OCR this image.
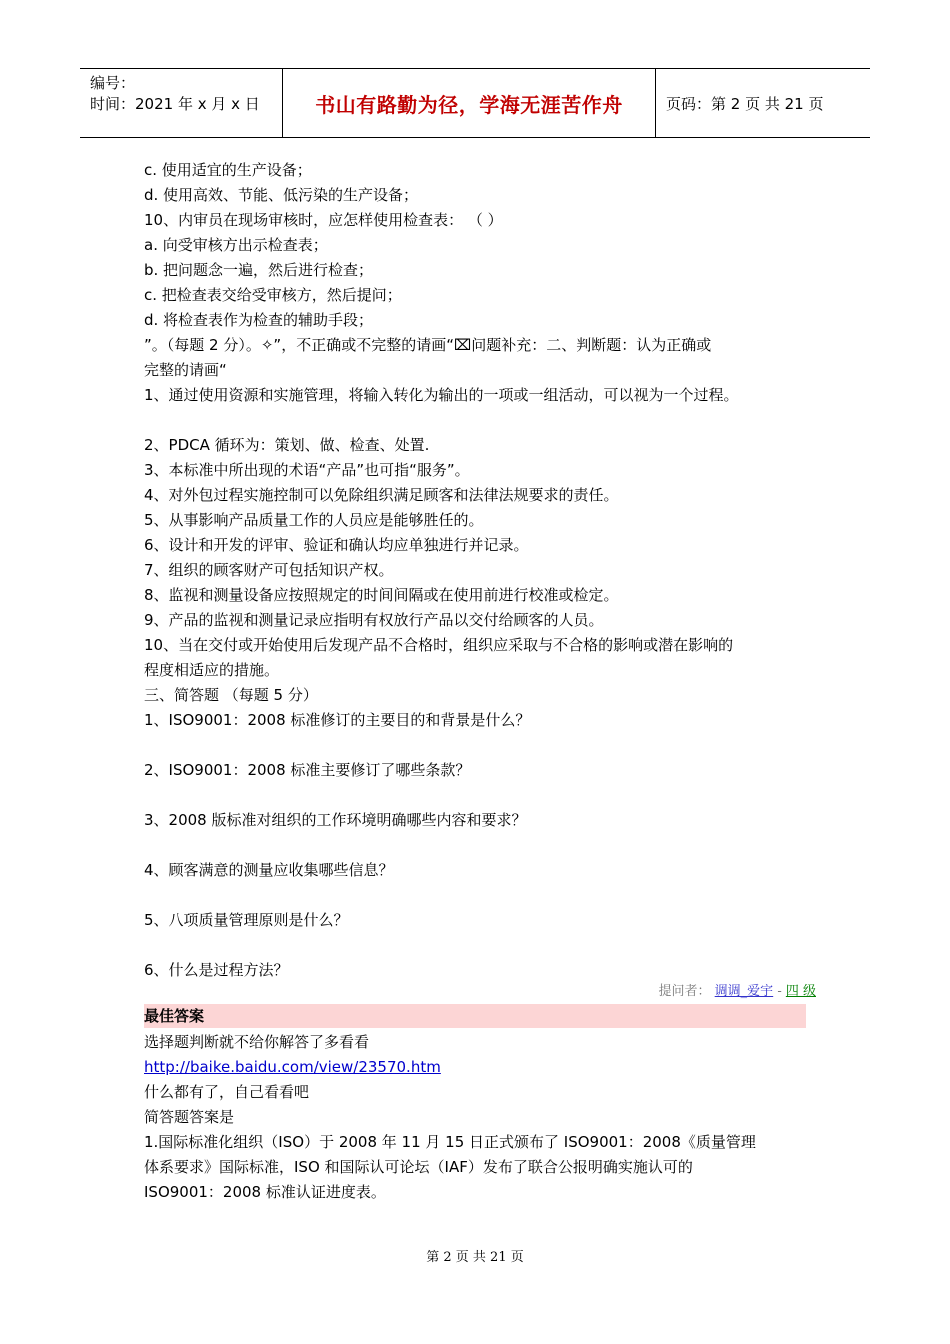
编号：
时间：2021 年 x 月 x 日	书山有路勤为径，学海无涯苦作舟	页码：第 2 页 共 21 页
c. 使用适宜的生产设备；
d. 使用高效、节能、低污染的生产设备；
10、内审员在现场审核时，应怎样使用检查表： （ ）
a. 向受审核方出示检查表；
b. 把问题念一遍，然后进行检查；
c. 把检查表交给受审核方，然后提问；
d. 将检查表作为检查的辅助手段；
”。（每题 2 分）。✧”，不正确或不完整的请画“⌧问题补充：二、判断题：认为正确或
完整的请画“
1、通过使用资源和实施管理，将输入转化为输出的一项或一组活动，可以视为一个过程。
2、PDCA 循环为：策划、做、检查、处置.
3、本标准中所出现的术语“产品”也可指“服务”。
4、对外包过程实施控制可以免除组织满足顾客和法律法规要求的责任。
5、从事影响产品质量工作的人员应是能够胜任的。
6、设计和开发的评审、验证和确认均应单独进行并记录。
7、组织的顾客财产可包括知识产权。
8、监视和测量设备应按照规定的时间间隔或在使用前进行校准或检定。
9、产品的监视和测量记录应指明有权放行产品以交付给顾客的人员。
10、当在交付或开始使用后发现产品不合格时，组织应采取与不合格的影响或潜在影响的
程度相适应的措施。
三、简答题 （每题 5 分）
1、ISO9001：2008 标准修订的主要目的和背景是什么？
2、ISO9001：2008 标准主要修订了哪些条款？
3、2008 版标准对组织的工作环境明确哪些内容和要求？
4、顾客满意的测量应收集哪些信息？
5、八项质量管理原则是什么？
6、什么是过程方法？
提问者： 调调_爱宇 - 四 级
最佳答案
选择题判断就不给你解答了多看看
http://baike.baidu.com/view/23570.htm
什么都有了，自己看看吧
简答题答案是
1.国际标准化组织（ISO）于 2008 年 11 月 15 日正式颁布了 ISO9001：2008《质量管理
体系要求》国际标准，ISO 和国际认可论坛（IAF）发布了联合公报明确实施认可的
ISO9001：2008 标准认证进度表。
第 2 页 共 21 页
